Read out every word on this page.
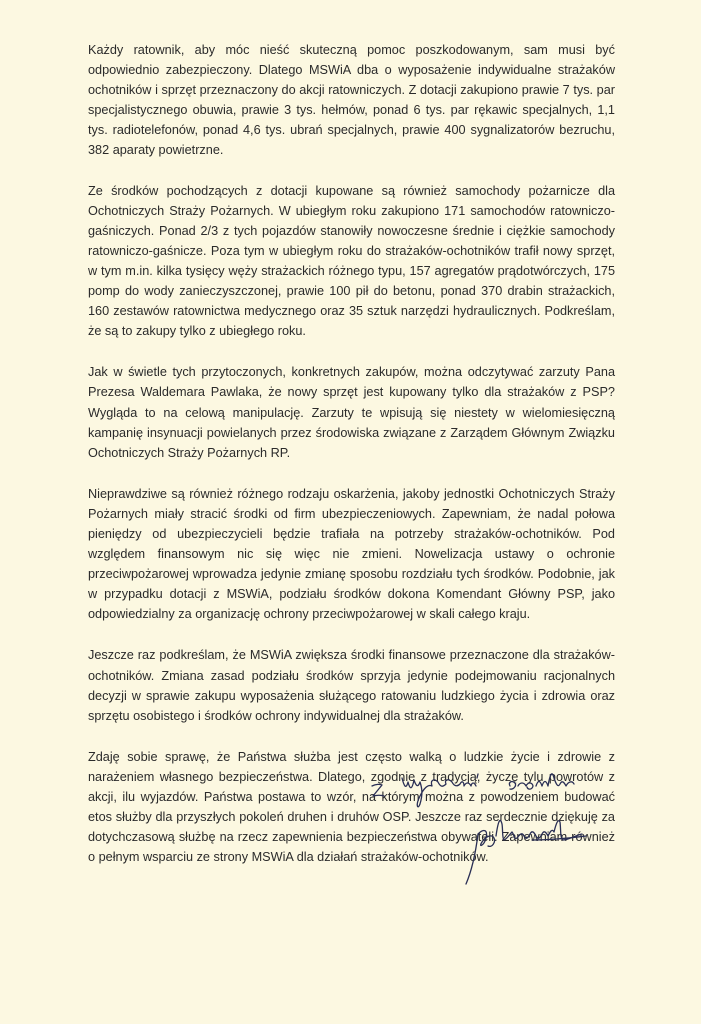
Każdy ratownik, aby móc nieść skuteczną pomoc poszkodowanym, sam musi być odpowiednio zabezpieczony. Dlatego MSWiA dba o wyposażenie indywidualne strażaków ochotników i sprzęt przeznaczony do akcji ratowniczych. Z dotacji zakupiono prawie 7 tys. par specjalistycznego obuwia, prawie 3 tys. hełmów, ponad 6 tys. par rękawic specjalnych, 1,1 tys. radiotelefonów, ponad 4,6 tys. ubrań specjalnych, prawie 400 sygnalizatorów bezruchu, 382 aparaty powietrzne.

Ze środków pochodzących z dotacji kupowane są również samochody pożarnicze dla Ochotniczych Straży Pożarnych. W ubiegłym roku zakupiono 171 samochodów ratowniczo-gaśniczych. Ponad 2/3 z tych pojazdów stanowiły nowoczesne średnie i ciężkie samochody ratowniczo-gaśnicze. Poza tym w ubiegłym roku do strażaków-ochotników trafił nowy sprzęt, w tym m.in. kilka tysięcy węży strażackich różnego typu, 157 agregatów prądotwórczych, 175 pomp do wody zanieczyszczonej, prawie 100 pił do betonu, ponad 370 drabin strażackich, 160 zestawów ratownictwa medycznego oraz 35 sztuk narzędzi hydraulicznych. Podkreślam, że są to zakupy tylko z ubiegłego roku.

Jak w świetle tych przytoczonych, konkretnych zakupów, można odczytywać zarzuty Pana Prezesa Waldemara Pawlaka, że nowy sprzęt jest kupowany tylko dla strażaków z PSP? Wygląda to na celową manipulację. Zarzuty te wpisują się niestety w wielomiesięczną kampanię insynuacji powielanych przez środowiska związane z Zarządem Głównym Związku Ochotniczych Straży Pożarnych RP.

Nieprawdziwe są również różnego rodzaju oskarżenia, jakoby jednostki Ochotniczych Straży Pożarnych miały stracić środki od firm ubezpieczeniowych. Zapewniam, że nadal połowa pieniędzy od ubezpieczycieli będzie trafiała na potrzeby strażaków-ochotników. Pod względem finansowym nic się więc nie zmieni. Nowelizacja ustawy o ochronie przeciwpożarowej wprowadza jedynie zmianę sposobu rozdziału tych środków. Podobnie, jak w przypadku dotacji z MSWiA, podziału środków dokona Komendant Główny PSP, jako odpowiedzialny za organizację ochrony przeciwpożarowej w skali całego kraju.

Jeszcze raz podkreślam, że MSWiA zwiększa środki finansowe przeznaczone dla strażaków-ochotników. Zmiana zasad podziału środków sprzyja jedynie podejmowaniu racjonalnych decyzji w sprawie zakupu wyposażenia służącego ratowaniu ludzkiego życia i zdrowia oraz sprzętu osobistego i środków ochrony indywidualnej dla strażaków.

Zdaję sobie sprawę, że Państwa służba jest często walką o ludzkie życie i zdrowie z narażeniem własnego bezpieczeństwa. Dlatego, zgodnie z tradycją, życzę tylu powrotów z akcji, ilu wyjazdów. Państwa postawa to wzór, na którym można z powodzeniem budować etos służby dla przyszłych pokoleń druhen i druhów OSP. Jeszcze raz serdecznie dziękuję za dotychczasową służbę na rzecz zapewnienia bezpieczeństwa obywateli. Zapewniam również o pełnym wsparciu ze strony MSWiA dla działań strażaków-ochotników.
